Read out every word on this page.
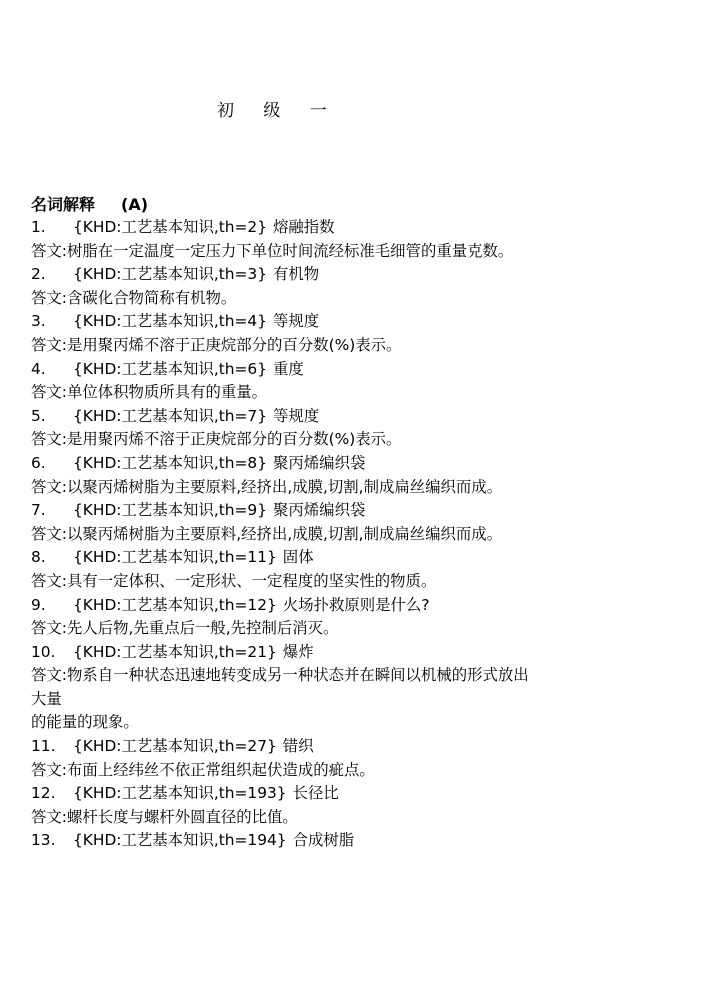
初 级 一
名词解释 (A)
1. {KHD:工艺基本知识,th=2} 熔融指数
答文:树脂在一定温度一定压力下单位时间流经标准毛细管的重量克数。
2. {KHD:工艺基本知识,th=3} 有机物
答文:含碳化合物简称有机物。
3. {KHD:工艺基本知识,th=4} 等规度
答文:是用聚丙烯不溶于正庚烷部分的百分数(%)表示。
4. {KHD:工艺基本知识,th=6} 重度
答文:单位体积物质所具有的重量。
5. {KHD:工艺基本知识,th=7} 等规度
答文:是用聚丙烯不溶于正庚烷部分的百分数(%)表示。
6. {KHD:工艺基本知识,th=8} 聚丙烯编织袋
答文:以聚丙烯树脂为主要原料,经挤出,成膜,切割,制成扁丝编织而成。
7. {KHD:工艺基本知识,th=9} 聚丙烯编织袋
答文:以聚丙烯树脂为主要原料,经挤出,成膜,切割,制成扁丝编织而成。
8. {KHD:工艺基本知识,th=11} 固体
答文:具有一定体积、一定形状、一定程度的坚实性的物质。
9. {KHD:工艺基本知识,th=12} 火场扑救原则是什么?
答文:先人后物,先重点后一般,先控制后消灭。
10. {KHD:工艺基本知识,th=21} 爆炸
答文:物系自一种状态迅速地转变成另一种状态并在瞬间以机械的形式放出
大量
的能量的现象。
11. {KHD:工艺基本知识,th=27} 错织
答文:布面上经纬丝不依正常组织起伏造成的疵点。
12. {KHD:工艺基本知识,th=193} 长径比
答文:螺杆长度与螺杆外圆直径的比值。
13. {KHD:工艺基本知识,th=194} 合成树脂
